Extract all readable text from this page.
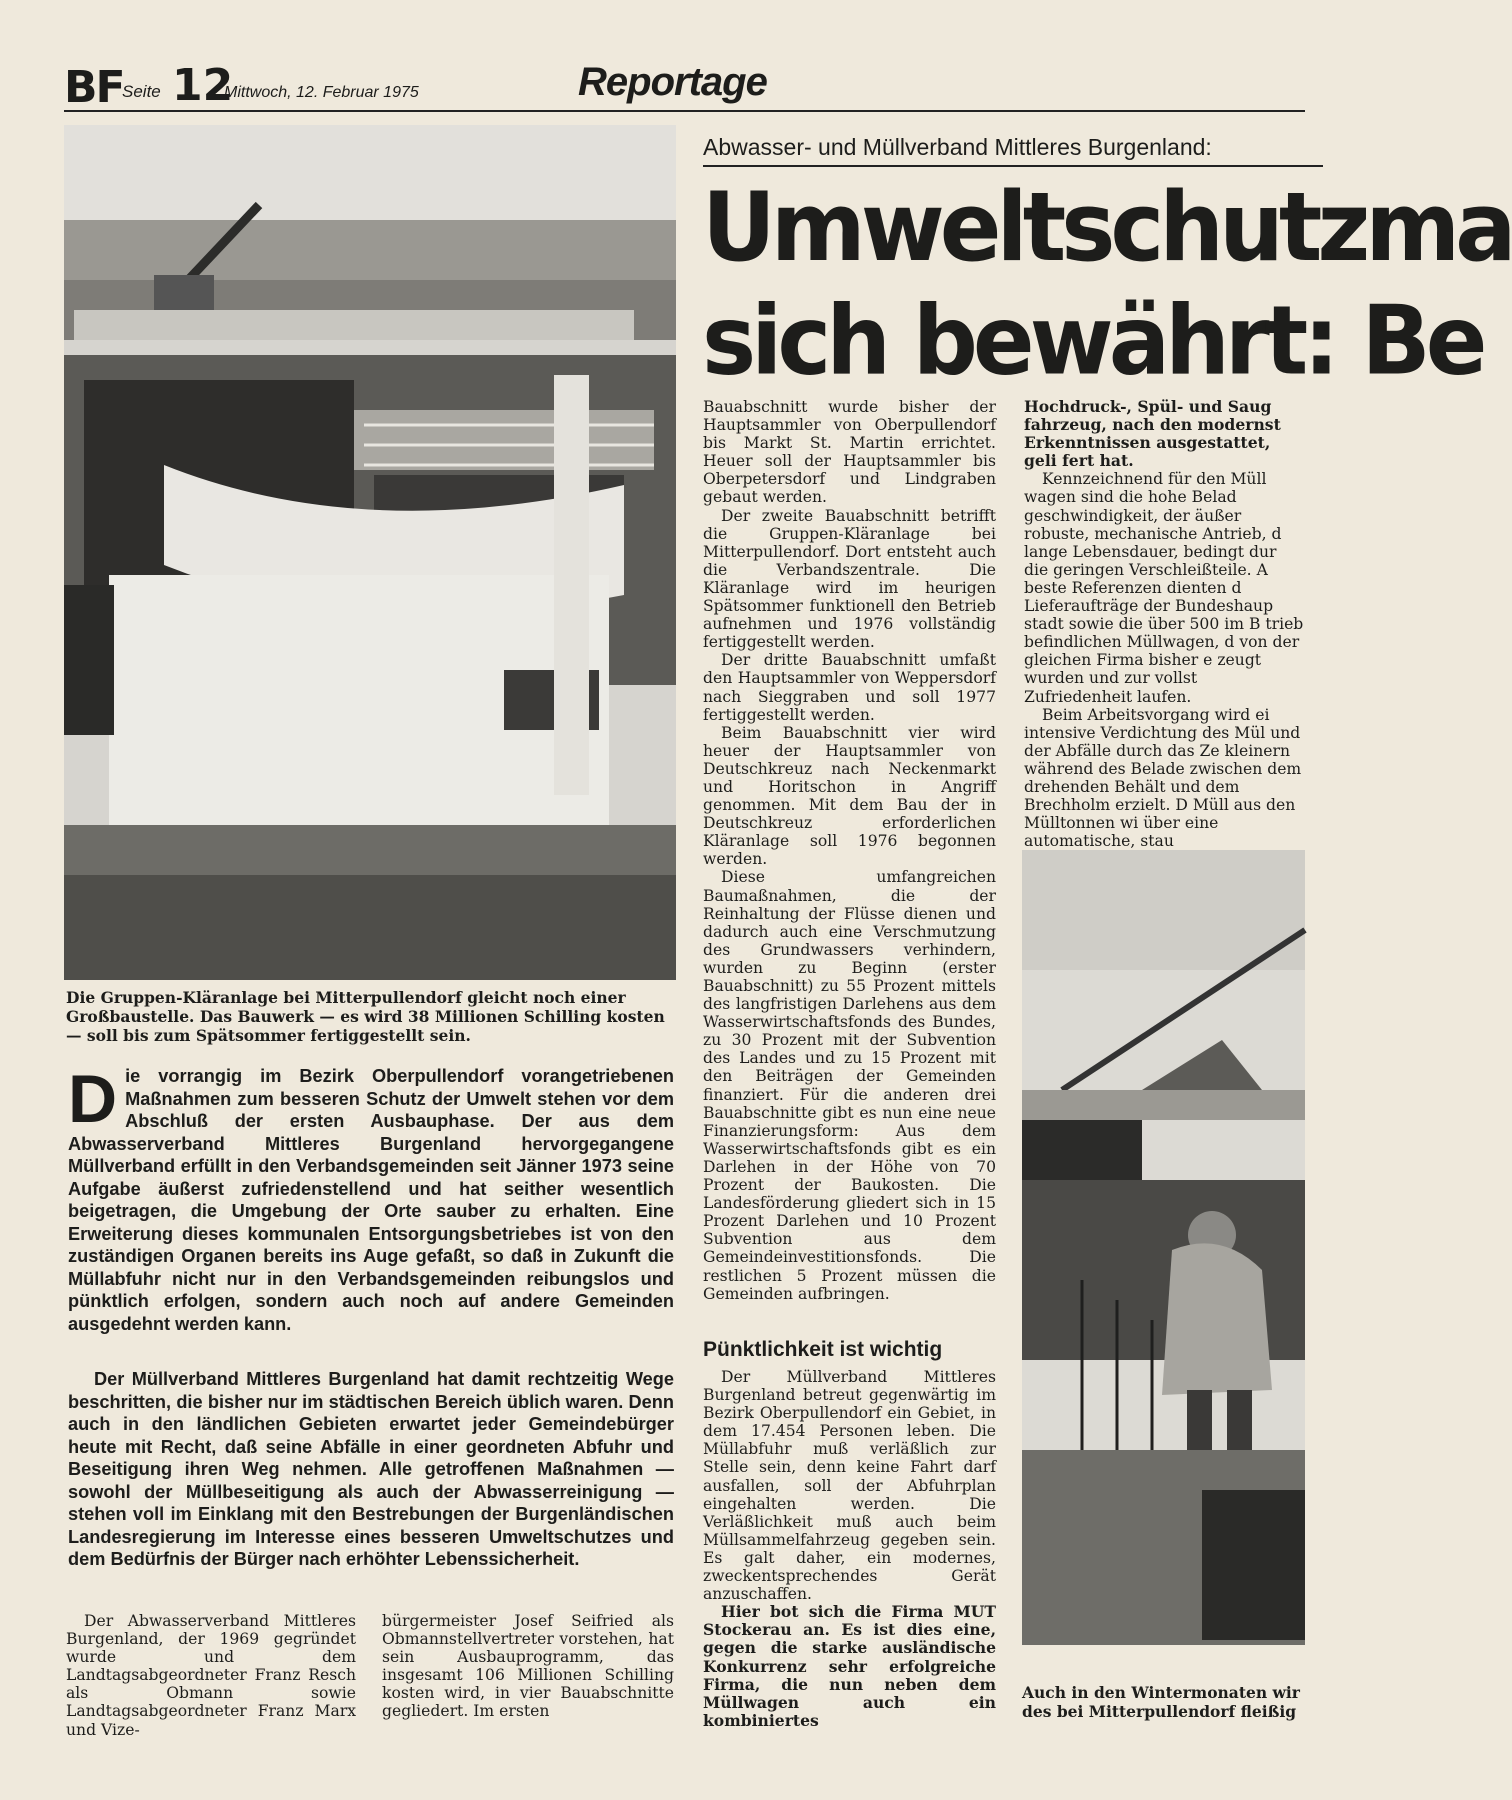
BF
Seite 12
Mittwoch, 12. Februar 1975	Reportage
Die Gruppen-Kläranlage bei Mitterpullendorf gleicht noch einer Großbaustelle. Das Bauwerk — es wird 38 Millionen Schilling kosten — soll bis zum Spätsommer fertiggestellt sein.
Abwasser- und Müllverband Mittleres Burgenland:
Umweltschutzma
sich bewährt: Be
D ie vorrangig im Bezirk Oberpullendorf vorangetriebenen Maßnahmen zum besseren Schutz der Umwelt stehen vor dem Abschluß der ersten Ausbauphase. Der aus dem Abwasserverband Mittleres Burgenland hervorgegangene Müllverband erfüllt in den Verbandsgemeinden seit Jänner 1973 seine Aufgabe äußerst zufriedenstellend und hat seither wesentlich beigetragen, die Umgebung der Orte sauber zu erhalten. Eine Erweiterung dieses kommunalen Entsorgungsbetriebes ist von den zuständigen Organen bereits ins Auge gefaßt, so daß in Zukunft die Müllabfuhr nicht nur in den Verbandsgemeinden reibungslos und pünktlich erfolgen, sondern auch noch auf andere Gemeinden ausgedehnt werden kann.

Der Müllverband Mittleres Burgenland hat damit rechtzeitig Wege beschritten, die bisher nur im städtischen Bereich üblich waren. Denn auch in den ländlichen Gebieten erwartet jeder Gemeindebürger heute mit Recht, daß seine Abfälle in einer geordneten Abfuhr und Beseitigung ihren Weg nehmen. Alle getroffenen Maßnahmen — sowohl der Müllbeseitigung als auch der Abwasserreinigung — stehen voll im Einklang mit den Bestrebungen der Burgenländischen Landesregierung im Interesse eines besseren Umweltschutzes und dem Bedürfnis der Bürger nach erhöhter Lebenssicherheit.

Der Abwasserverband Mittleres Burgenland, der 1969 gegründet wurde und dem Landtagsabgeordneter Franz Resch als Obmann sowie Landtagsabgeordneter Franz Marx und Vize-

bürgermeister Josef Seifried als Obmannstellvertreter vorstehen, hat sein Ausbauprogramm, das insgesamt 106 Millionen Schilling kosten wird, in vier Bauabschnitte gegliedert. Im ersten

Bauabschnitt wurde bisher der Hauptsammler von Oberpullendorf bis Markt St. Martin errichtet. Heuer soll der Hauptsammler bis Oberpetersdorf und Lindgraben gebaut werden.

Der zweite Bauabschnitt betrifft die Gruppen-Kläranlage bei Mitterpullendorf. Dort entsteht auch die Verbandszentrale. Die Kläranlage wird im heurigen Spätsommer funktionell den Betrieb aufnehmen und 1976 vollständig fertiggestellt werden.

Der dritte Bauabschnitt umfaßt den Hauptsammler von Weppersdorf nach Sieggraben und soll 1977 fertiggestellt werden.

Beim Bauabschnitt vier wird heuer der Hauptsammler von Deutschkreuz nach Neckenmarkt und Horitschon in Angriff genommen. Mit dem Bau der in Deutschkreuz erforderlichen Kläranlage soll 1976 begonnen werden.

Diese umfangreichen Baumaßnahmen, die der Reinhaltung der Flüsse dienen und dadurch auch eine Verschmutzung des Grundwassers verhindern, wurden zu Beginn (erster Bauabschnitt) zu 55 Prozent mittels des langfristigen Darlehens aus dem Wasserwirtschaftsfonds des Bundes, zu 30 Prozent mit der Subvention des Landes und zu 15 Prozent mit den Beiträgen der Gemeinden finanziert. Für die anderen drei Bauabschnitte gibt es nun eine neue Finanzierungsform: Aus dem Wasserwirtschaftsfonds gibt es ein Darlehen in der Höhe von 70 Prozent der Baukosten. Die Landesförderung gliedert sich in 15 Prozent Darlehen und 10 Prozent Subvention aus dem Gemeindeinvestitionsfonds. Die restlichen 5 Prozent müssen die Gemeinden aufbringen.

Pünktlichkeit ist wichtig

Der Müllverband Mittleres Burgenland betreut gegenwärtig im Bezirk Oberpullendorf ein Gebiet, in dem 17.454 Personen leben. Die Müllabfuhr muß verläßlich zur Stelle sein, denn keine Fahrt darf ausfallen, soll der Abfuhrplan eingehalten werden. Die Verläßlichkeit muß auch beim Müllsammelfahrzeug gegeben sein. Es galt daher, ein modernes, zweckentsprechendes Gerät anzuschaffen.

Hier bot sich die Firma MUT Stockerau an. Es ist dies eine, gegen die starke ausländische Konkurrenz sehr erfolgreiche Firma, die nun neben dem Müllwagen auch ein kombiniertes

Hochdruck-, Spül- und Saug fahrzeug, nach den modernst Erkenntnissen ausgestattet, geli fert hat.

Kennzeichnend für den Müll wagen sind die hohe Belad geschwindigkeit, der äußer robuste, mechanische Antrieb, d lange Lebensdauer, bedingt dur die geringen Verschleißteile. A beste Referenzen dienten d Lieferaufträge der Bundeshaup stadt sowie die über 500 im B trieb befindlichen Müllwagen, d von der gleichen Firma bisher e zeugt wurden und zur vollst Zufriedenheit laufen.

Beim Arbeitsvorgang wird ei intensive Verdichtung des Mül und der Abfälle durch das Ze kleinern während des Belade zwischen dem drehenden Behält und dem Brechholm erzielt. D Müll aus den Mülltonnen wi über eine automatische, stau

Auch in den Wintermonaten wir des bei Mitterpullendorf fleißig
